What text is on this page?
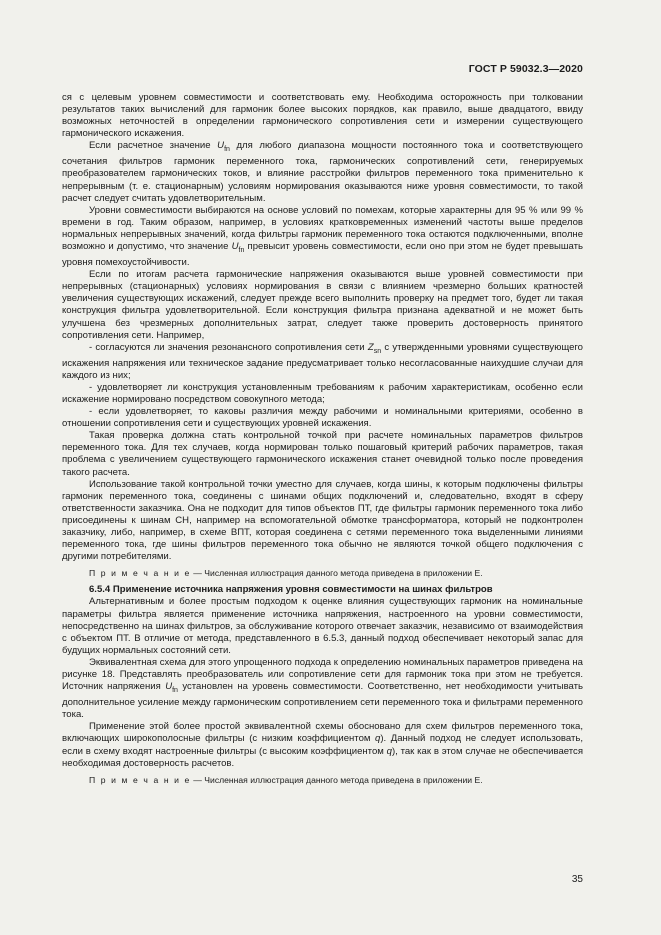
ГОСТ Р 59032.3—2020

ся с целевым уровнем совместимости и соответствовать ему. Необходима осторожность при толковании результатов таких вычислений для гармоник более высоких порядков, как правило, выше двадцатого, ввиду возможных неточностей в определении гармонического сопротивления сети и измерении существующего гармонического искажения.

Если расчетное значение $U_{fn}$ для любого диапазона мощности постоянного тока и соответствующего сочетания фильтров гармоник переменного тока, гармонических сопротивлений сети, генерируемых преобразователем гармонических токов, и влияние расстройки фильтров переменного тока применительно к непрерывным (т. е. стационарным) условиям нормирования оказываются ниже уровня совместимости, то такой расчет следует считать удовлетворительным.

Уровни совместимости выбираются на основе условий по помехам, которые характерны для 95 % или 99 % времени в год. Таким образом, например, в условиях кратковременных изменений частоты выше пределов нормальных непрерывных значений, когда фильтры гармоник переменного тока остаются подключенными, вполне возможно и допустимо, что значение $U_{fn}$ превысит уровень совместимости, если оно при этом не будет превышать уровня помехоустойчивости.

Если по итогам расчета гармонические напряжения оказываются выше уровней совместимости при непрерывных (стационарных) условиях нормирования в связи с влиянием чрезмерно больших кратностей увеличения существующих искажений, следует прежде всего выполнить проверку на предмет того, будет ли такая конструкция фильтра удовлетворительной. Если конструкция фильтра признана адекватной и не может быть улучшена без чрезмерных дополнительных затрат, следует также проверить достоверность принятого сопротивления сети. Например,

- согласуются ли значения резонансного сопротивления сети $Z_{sn}$ с утвержденными уровнями существующего искажения напряжения или техническое задание предусматривает только несогласованные наихудшие случаи для каждого из них;

- удовлетворяет ли конструкция установленным требованиям к рабочим характеристикам, особенно если искажение нормировано посредством совокупного метода;

- если удовлетворяет, то каковы различия между рабочими и номинальными критериями, особенно в отношении сопротивления сети и существующих уровней искажения.

Такая проверка должна стать контрольной точкой при расчете номинальных параметров фильтров переменного тока. Для тех случаев, когда нормирован только пошаговый критерий рабочих параметров, такая проблема с увеличением существующего гармонического искажения станет очевидной только после проведения такого расчета.

Использование такой контрольной точки уместно для случаев, когда шины, к которым подключены фильтры гармоник переменного тока, соединены с шинами общих подключений и, следовательно, входят в сферу ответственности заказчика. Она не подходит для типов объектов ПТ, где фильтры гармоник переменного тока либо присоединены к шинам СН, например на вспомогательной обмотке трансформатора, который не подконтролен заказчику, либо, например, в схеме ВПТ, которая соединена с сетями переменного тока выделенными линиями переменного тока, где шины фильтров переменного тока обычно не являются точкой общего подключения с другими потребителями.

П р и м е ч а н и е — Численная иллюстрация данного метода приведена в приложении Е.

6.5.4 Применение источника напряжения уровня совместимости на шинах фильтров

Альтернативным и более простым подходом к оценке влияния существующих гармоник на номинальные параметры фильтра является применение источника напряжения, настроенного на уровни совместимости, непосредственно на шинах фильтров, за обслуживание которого отвечает заказчик, независимо от взаимодействия с объектом ПТ. В отличие от метода, представленного в 6.5.3, данный подход обеспечивает некоторый запас для будущих нормальных состояний сети.

Эквивалентная схема для этого упрощенного подхода к определению номинальных параметров приведена на рисунке 18. Представлять преобразователь или сопротивление сети для гармоник тока при этом не требуется. Источник напряжения $U_{fn}$ установлен на уровень совместимости. Соответственно, нет необходимости учитывать дополнительное усиление между гармоническим сопротивлением сети переменного тока и фильтрами переменного тока.

Применение этой более простой эквивалентной схемы обосновано для схем фильтров переменного тока, включающих широкополосные фильтры (с низким коэффициентом q). Данный подход не следует использовать, если в схему входят настроенные фильтры (с высоким коэффициентом q), так как в этом случае не обеспечивается необходимая достоверность расчетов.

П р и м е ч а н и е — Численная иллюстрация данного метода приведена в приложении Е.

35
